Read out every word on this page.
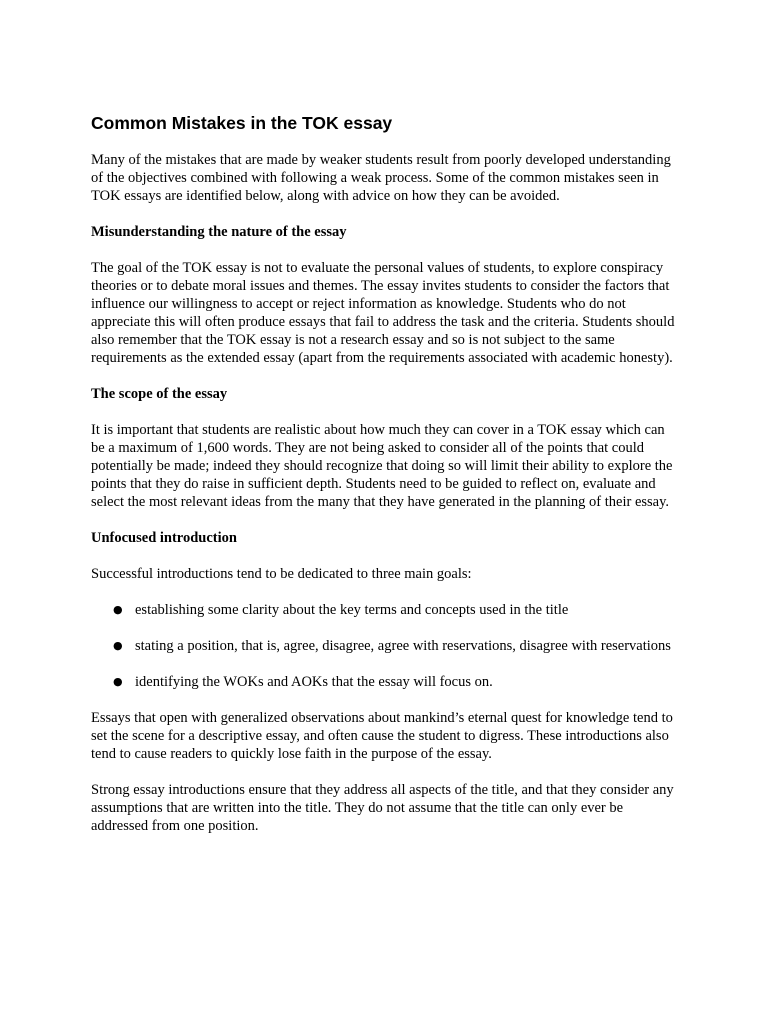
Common Mistakes in the TOK essay

Many of the mistakes that are made by weaker students result from poorly developed understanding of the objectives combined with following a weak process. Some of the common mistakes seen in TOK essays are identified below, along with advice on how they can be avoided.

Misunderstanding the nature of the essay

The goal of the TOK essay is not to evaluate the personal values of students, to explore conspiracy theories or to debate moral issues and themes. The essay invites students to consider the factors that influence our willingness to accept or reject information as knowledge. Students who do not appreciate this will often produce essays that fail to address the task and the criteria. Students should also remember that the TOK essay is not a research essay and so is not subject to the same requirements as the extended essay (apart from the requirements associated with academic honesty).

The scope of the essay

It is important that students are realistic about how much they can cover in a TOK essay which can be a maximum of 1,600 words. They are not being asked to consider all of the points that could potentially be made; indeed they should recognize that doing so will limit their ability to explore the points that they do raise in sufficient depth. Students need to be guided to reflect on, evaluate and select the most relevant ideas from the many that they have generated in the planning of their essay.

Unfocused introduction

Successful introductions tend to be dedicated to three main goals:

● establishing some clarity about the key terms and concepts used in the title
● stating a position, that is, agree, disagree, agree with reservations, disagree with reservations
● identifying the WOKs and AOKs that the essay will focus on.

Essays that open with generalized observations about mankind’s eternal quest for knowledge tend to set the scene for a descriptive essay, and often cause the student to digress. These introductions also tend to cause readers to quickly lose faith in the purpose of the essay.

Strong essay introductions ensure that they address all aspects of the title, and that they consider any assumptions that are written into the title. They do not assume that the title can only ever be addressed from one position.
